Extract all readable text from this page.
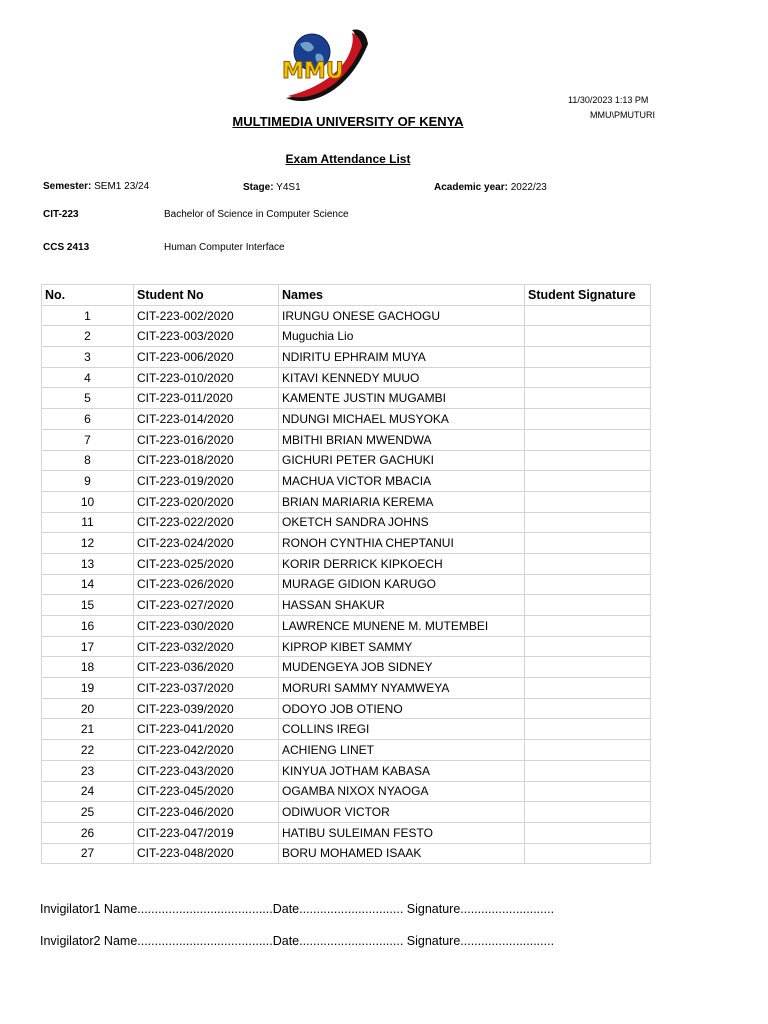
MMU
11/30/2023 1:13 PM
MMU\PMUTURI
MULTIMEDIA UNIVERSITY OF KENYA
Exam Attendance List
Semester: SEM1 23/24	Stage: Y4S1	Academic year: 2022/23
CIT-223	Bachelor of Science in Computer Science
CCS 2413	Human Computer Interface
No.	Student No	Names	Student Signature
1	CIT-223-002/2020	IRUNGU ONESE GACHOGU	
2	CIT-223-003/2020	Muguchia Lio	
3	CIT-223-006/2020	NDIRITU EPHRAIM MUYA	
4	CIT-223-010/2020	KITAVI KENNEDY MUUO	
5	CIT-223-011/2020	KAMENTE JUSTIN MUGAMBI	
6	CIT-223-014/2020	NDUNGI MICHAEL MUSYOKA	
7	CIT-223-016/2020	MBITHI BRIAN MWENDWA	
8	CIT-223-018/2020	GICHURI PETER GACHUKI	
9	CIT-223-019/2020	MACHUA VICTOR MBACIA	
10	CIT-223-020/2020	BRIAN MARIARIA KEREMA	
11	CIT-223-022/2020	OKETCH SANDRA JOHNS	
12	CIT-223-024/2020	RONOH CYNTHIA CHEPTANUI	
13	CIT-223-025/2020	KORIR DERRICK KIPKOECH	
14	CIT-223-026/2020	MURAGE GIDION KARUGO	
15	CIT-223-027/2020	HASSAN SHAKUR	
16	CIT-223-030/2020	LAWRENCE MUNENE M. MUTEMBEI	
17	CIT-223-032/2020	KIPROP KIBET SAMMY	
18	CIT-223-036/2020	MUDENGEYA JOB SIDNEY	
19	CIT-223-037/2020	MORURI SAMMY NYAMWEYA	
20	CIT-223-039/2020	ODOYO JOB OTIENO	
21	CIT-223-041/2020	COLLINS IREGI	
22	CIT-223-042/2020	ACHIENG LINET	
23	CIT-223-043/2020	KINYUA JOTHAM KABASA	
24	CIT-223-045/2020	OGAMBA NIXOX NYAOGA	
25	CIT-223-046/2020	ODIWUOR VICTOR	
26	CIT-223-047/2019	HATIBU SULEIMAN FESTO	
27	CIT-223-048/2020	BORU MOHAMED ISAAK	
Invigilator1 Name.......................................Date.............................. Signature...........................
Invigilator2 Name.......................................Date.............................. Signature...........................
